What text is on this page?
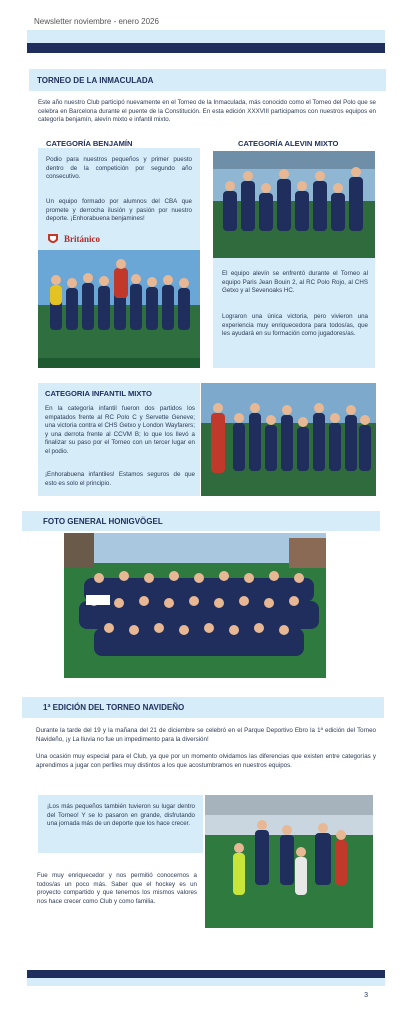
Newsletter noviembre - enero 2026
TORNEO DE LA INMACULADA
Este año nuestro Club participó nuevamente en el Torneo de la Inmaculada, más conocido como el Torneo del Polo que se celebra en Barcelona durante el puente de la Constitución. En esta edición XXXVIII participamos con nuestros equipos en categoría benjamín, alevín mixto e infantil mixto.
CATEGORÍA BENJAMÍN
Podio para nuestros pequeños y primer puesto dentro de la competición por segundo año consecutivo.
Un equipo formado por alumnos del CBA que promete y derrocha ilusión y pasión por nuestro deporte. ¡Enhorabuena benjamines!
Británico
CATEGORÍA ALEVIN MIXTO
El equipo alevín se enfrentó durante el Torneo al equipo Paris Jean Bouin 2, al RC Polo Rojo, al CHS Getxo y al Sevenoaks HC.
Lograron una única victoria, pero vivieron una experiencia muy enriquecedora para todos/as, que les ayudará en su formación como jugadores/as.
CATEGORIA INFANTIL MIXTO
En la categoría infantil fueron dos partidos los empatados frente al RC Polo C y Servette Geneve; una victoria contra el CHS Getxo y London Wayfarers; y una derrota frente al CCVM B; lo que los llevó a finalizar su paso por el Torneo con un tercer lugar en el podio.
¡Enhorabuena infantiles! Estamos seguros de que esto es solo el principio.
FOTO GENERAL HONIGVÖGEL
1ª EDICIÓN DEL TORNEO NAVIDEÑO
Durante la tarde del 19 y la mañana del 21 de diciembre se celebró en el Parque Deportivo Ebro la 1ª edición del Torneo Navideño, ¡y La lluvia no fue un impedimento para la diversión!
Una ocasión muy especial para el Club, ya que por un momento olvidamos las diferencias que existen entre categorías y aprendimos a jugar con perfiles muy distintos a los que acostumbramos en nuestros equipos.
¡Los más pequeños también tuvieron su lugar dentro del Torneo! Y se lo pasaron en grande, disfrutando una jornada más de un deporte que los hace crecer.
Fue muy enriquecedor y nos permitió conocernos a todos/as un poco más. Saber que el hockey es un proyecto compartido y que tenemos los mismos valores nos hace crecer como Club y como familia.
3
